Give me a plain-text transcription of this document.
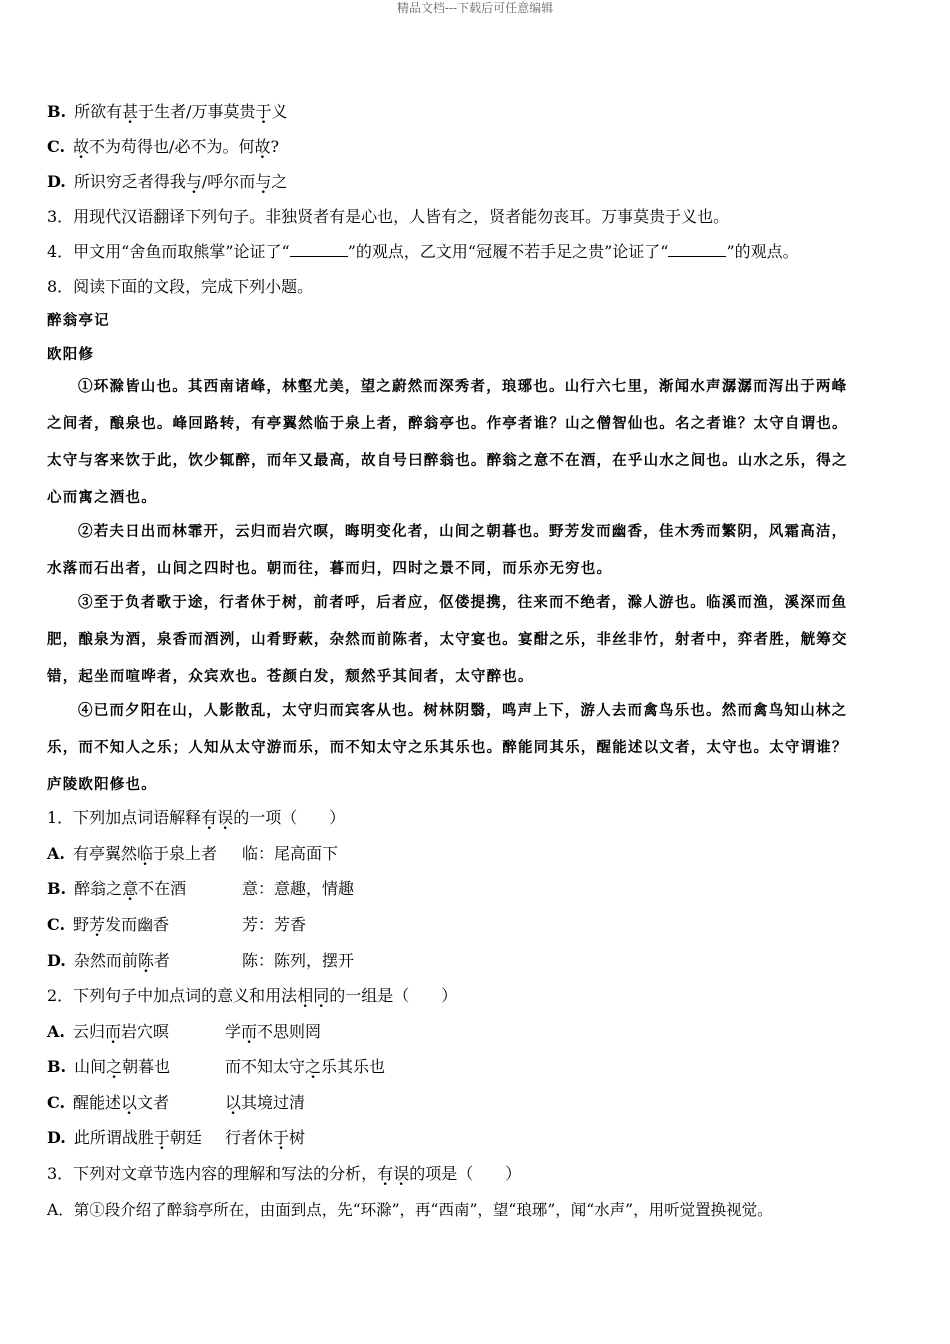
精品文档---下载后可任意编辑
B. 所欲有甚于生者/万事莫贵于义
C. 故不为苟得也/必不为。何故?
D. 所识穷乏者得我与/呼尔而与之
3．用现代汉语翻译下列句子。非独贤者有是心也，人皆有之，贤者能勿丧耳。万事莫贵于义也。
4．甲文用“舍鱼而取熊掌”论证了“	”的观点，乙文用“冠履不若手足之贵”论证了“	”的观点。
8．阅读下面的文段，完成下列小题。
醉翁亭记
欧阳修
①环滁皆山也。其西南诸峰，林壑尤美，望之蔚然而深秀者，琅琊也。山行六七里，渐闻水声潺潺而泻出于两峰
之间者，酿泉也。峰回路转，有亭翼然临于泉上者，醉翁亭也。作亭者谁？山之僧智仙也。名之者谁？太守自谓也。
太守与客来饮于此，饮少辄醉，而年又最高，故自号曰醉翁也。醉翁之意不在酒，在乎山水之间也。山水之乐，得之
心而寓之酒也。
②若夫日出而林霏开，云归而岩穴暝，晦明变化者，山间之朝暮也。野芳发而幽香，佳木秀而繁阴，风霜高洁，
水落而石出者，山间之四时也。朝而往，暮而归，四时之景不同，而乐亦无穷也。
③至于负者歌于途，行者休于树，前者呼，后者应，伛偻提携，往来而不绝者，滁人游也。临溪而渔，溪深而鱼
肥，酿泉为酒，泉香而酒洌，山肴野蔌，杂然而前陈者，太守宴也。宴酣之乐，非丝非竹，射者中，弈者胜，觥筹交
错，起坐而喧哗者，众宾欢也。苍颜白发，颓然乎其间者，太守醉也。
④已而夕阳在山，人影散乱，太守归而宾客从也。树林阴翳，鸣声上下，游人去而禽鸟乐也。然而禽鸟知山林之
乐，而不知人之乐；人知从太守游而乐，而不知太守之乐其乐也。醉能同其乐，醒能述以文者，太守也。太守谓谁？
庐陵欧阳修也。
1．下列加点词语解释有误的一项（　　）
A. 有亭翼然临于泉上者 临：尾高面下
B. 醉翁之意不在酒	意：意趣，情趣
C. 野芳发而幽香	芳：芳香
D. 杂然而前陈者	陈：陈列，摆开
2．下列句子中加点词的意义和用法相同的一组是（　　）
A. 云归而岩穴暝	学而不思则罔
B. 山间之朝暮也	而不知太守之乐其乐也
C. 醒能述以文者	以其境过清
D. 此所谓战胜于朝廷 行者休于树
3．下列对文章节选内容的理解和写法的分析，有误的项是（　　）
A．第①段介绍了醉翁亭所在，由面到点，先“环滁”，再“西南”，望“琅琊”，闻“水声”，用听觉置换视觉。
